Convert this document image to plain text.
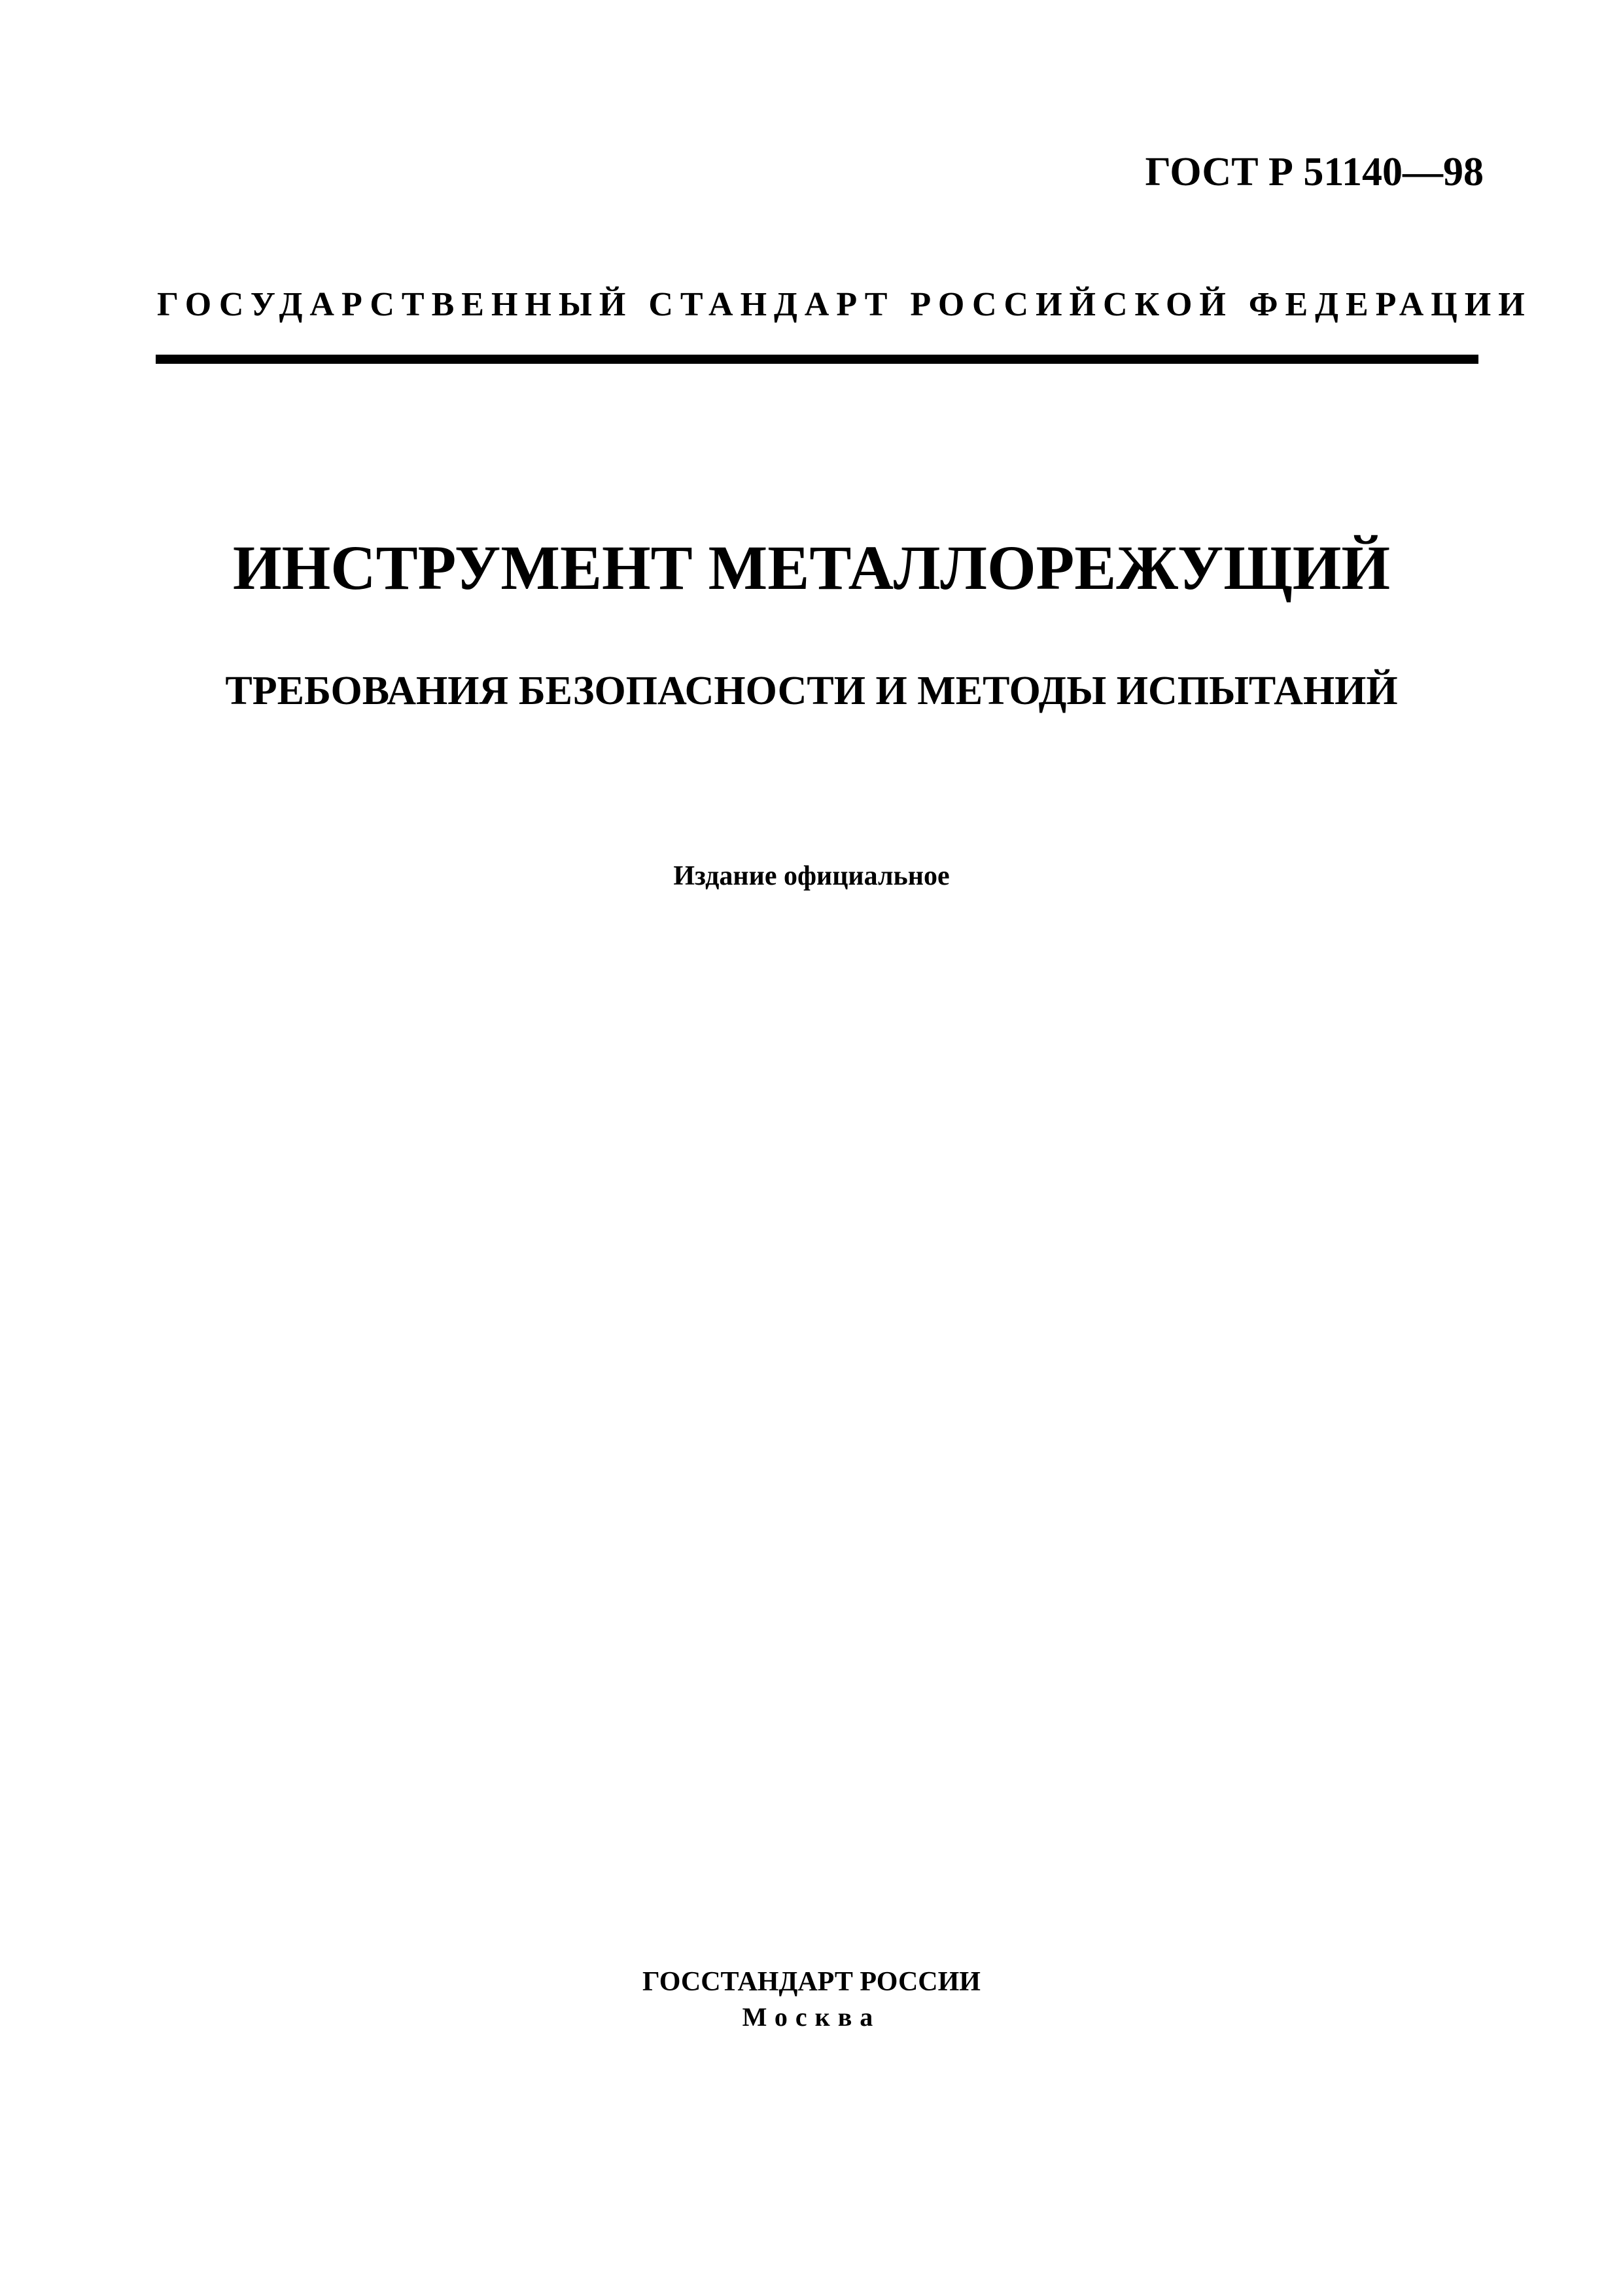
ГОСТ Р 51140—98
ГОСУДАРСТВЕННЫЙ СТАНДАРТ РОССИЙСКОЙ ФЕДЕРАЦИИ
ИНСТРУМЕНТ МЕТАЛЛОРЕЖУЩИЙ
ТРЕБОВАНИЯ БЕЗОПАСНОСТИ И МЕТОДЫ ИСПЫТАНИЙ
Издание официальное
ГОССТАНДАРТ РОССИИ
Москва
